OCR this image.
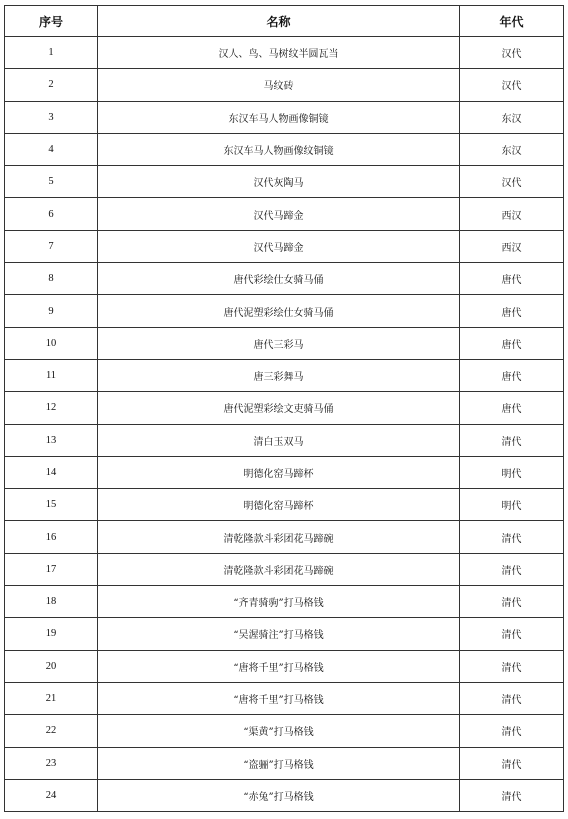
序号	名称	年代
1	汉人、鸟、马树纹半圆瓦当	汉代
2	马纹砖	汉代
3	东汉车马人物画像铜镜	东汉
4	东汉车马人物画像纹铜镜	东汉
5	汉代灰陶马	汉代
6	汉代马蹄金	西汉
7	汉代马蹄金	西汉
8	唐代彩绘仕女骑马俑	唐代
9	唐代泥塑彩绘仕女骑马俑	唐代
10	唐代三彩马	唐代
11	唐三彩舞马	唐代
12	唐代泥塑彩绘文吏骑马俑	唐代
13	清白玉双马	清代
14	明德化窑马蹄杯	明代
15	明德化窑马蹄杯	明代
16	清乾隆款斗彩团花马蹄碗	清代
17	清乾隆款斗彩团花马蹄碗	清代
18	“齐青骑驹”打马格钱	清代
19	“吴渥骑注”打马格钱	清代
20	“唐将千里”打马格钱	清代
21	“唐将千里”打马格钱	清代
22	“渠黄”打马格钱	清代
23	“盗骊”打马格钱	清代
24	“赤兔”打马格钱	清代
